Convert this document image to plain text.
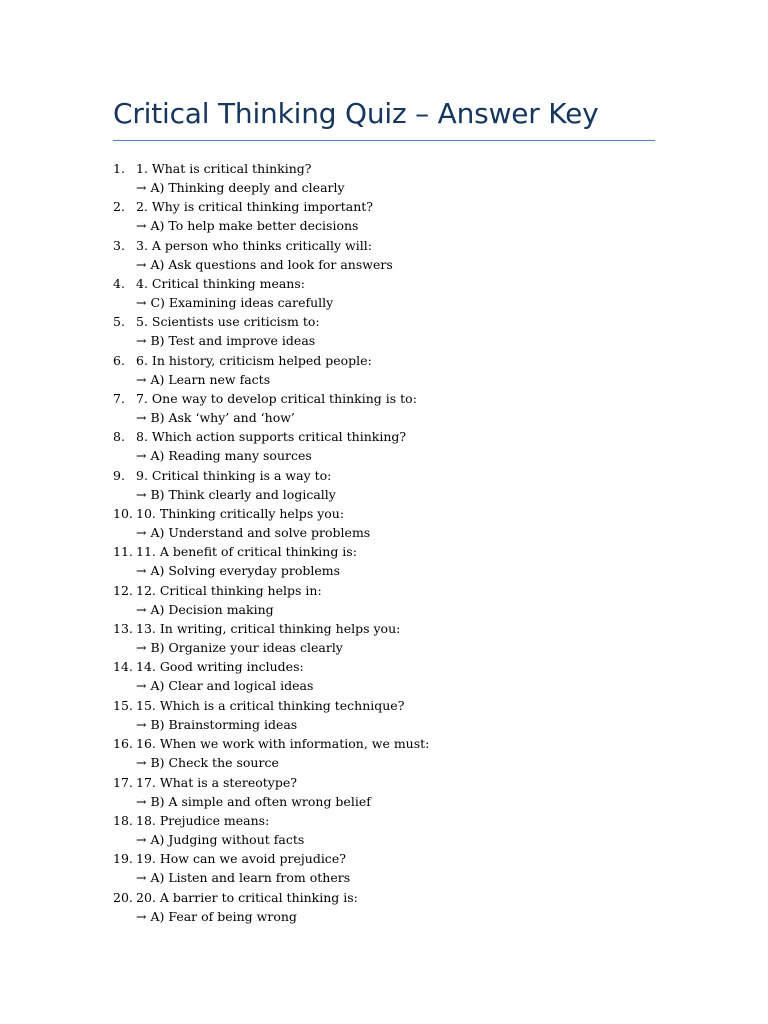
Critical Thinking Quiz – Answer Key
1. 1. What is critical thinking?
→ A) Thinking deeply and clearly
2. 2. Why is critical thinking important?
→ A) To help make better decisions
3. 3. A person who thinks critically will:
→ A) Ask questions and look for answers
4. 4. Critical thinking means:
→ C) Examining ideas carefully
5. 5. Scientists use criticism to:
→ B) Test and improve ideas
6. 6. In history, criticism helped people:
→ A) Learn new facts
7. 7. One way to develop critical thinking is to:
→ B) Ask ‘why’ and ‘how’
8. 8. Which action supports critical thinking?
→ A) Reading many sources
9. 9. Critical thinking is a way to:
→ B) Think clearly and logically
10. 10. Thinking critically helps you:
→ A) Understand and solve problems
11. 11. A benefit of critical thinking is:
→ A) Solving everyday problems
12. 12. Critical thinking helps in:
→ A) Decision making
13. 13. In writing, critical thinking helps you:
→ B) Organize your ideas clearly
14. 14. Good writing includes:
→ A) Clear and logical ideas
15. 15. Which is a critical thinking technique?
→ B) Brainstorming ideas
16. 16. When we work with information, we must:
→ B) Check the source
17. 17. What is a stereotype?
→ B) A simple and often wrong belief
18. 18. Prejudice means:
→ A) Judging without facts
19. 19. How can we avoid prejudice?
→ A) Listen and learn from others
20. 20. A barrier to critical thinking is:
→ A) Fear of being wrong
